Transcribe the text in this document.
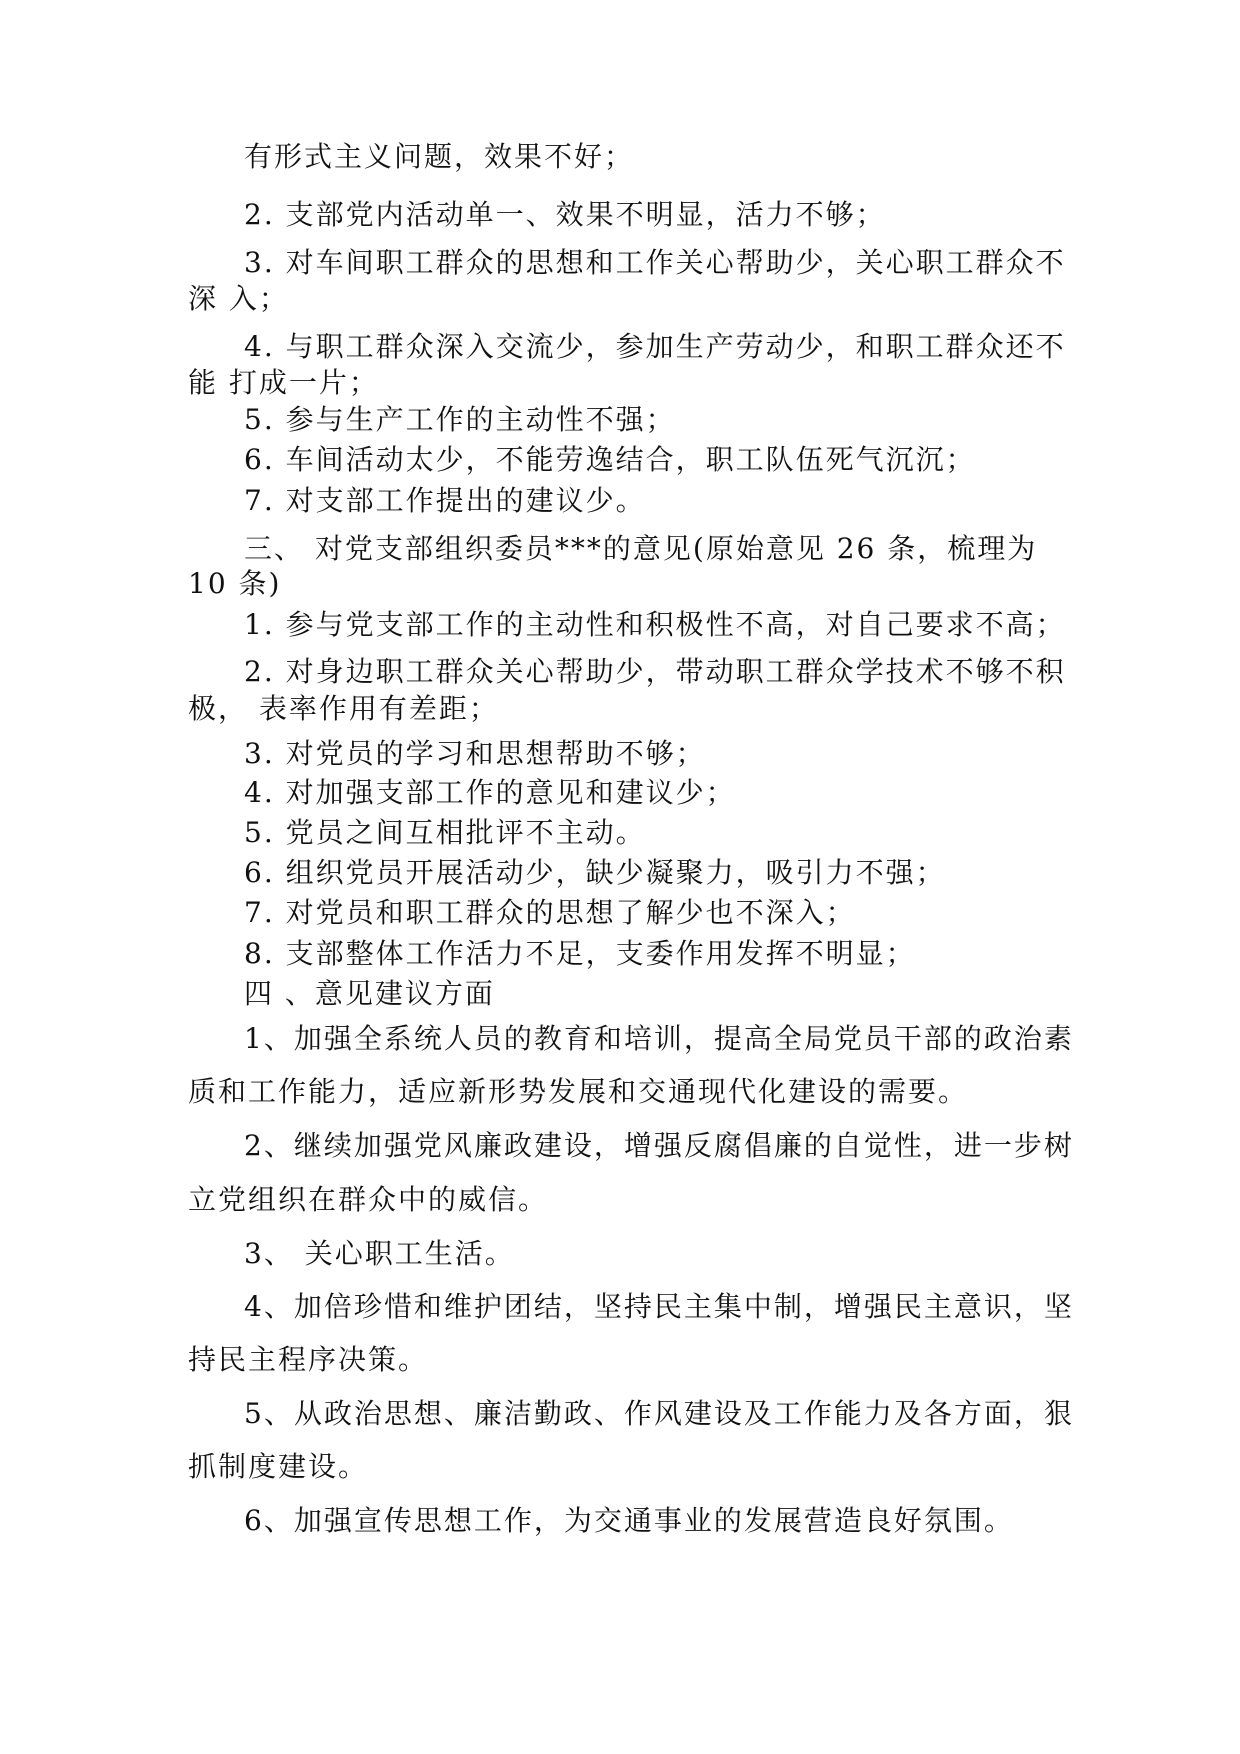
有形式主义问题，效果不好；
2. 支部党内活动单一、效果不明显，活力不够；
3. 对车间职工群众的思想和工作关心帮助少，关心职工群众不
深 入；
4. 与职工群众深入交流少，参加生产劳动少，和职工群众还不
能 打成一片；
5. 参与生产工作的主动性不强；
6. 车间活动太少，不能劳逸结合，职工队伍死气沉沉；
7. 对支部工作提出的建议少。
三、 对党支部组织委员***的意见(原始意见 26 条，梳理为
10 条)
1. 参与党支部工作的主动性和积极性不高，对自己要求不高；
2. 对身边职工群众关心帮助少，带动职工群众学技术不够不积
极， 表率作用有差距；
3. 对党员的学习和思想帮助不够；
4. 对加强支部工作的意见和建议少；
5. 党员之间互相批评不主动。
6. 组织党员开展活动少，缺少凝聚力，吸引力不强；
7. 对党员和职工群众的思想了解少也不深入；
8. 支部整体工作活力不足，支委作用发挥不明显；
四 、意见建议方面
1、加强全系统人员的教育和培训，提高全局党员干部的政治素
质和工作能力，适应新形势发展和交通现代化建设的需要。
2、继续加强党风廉政建设，增强反腐倡廉的自觉性，进一步树
立党组织在群众中的威信。
3、 关心职工生活。
4、加倍珍惜和维护团结，坚持民主集中制，增强民主意识，坚
持民主程序决策。
5、从政治思想、廉洁勤政、作风建设及工作能力及各方面，狠
抓制度建设。
6、加强宣传思想工作，为交通事业的发展营造良好氛围。
